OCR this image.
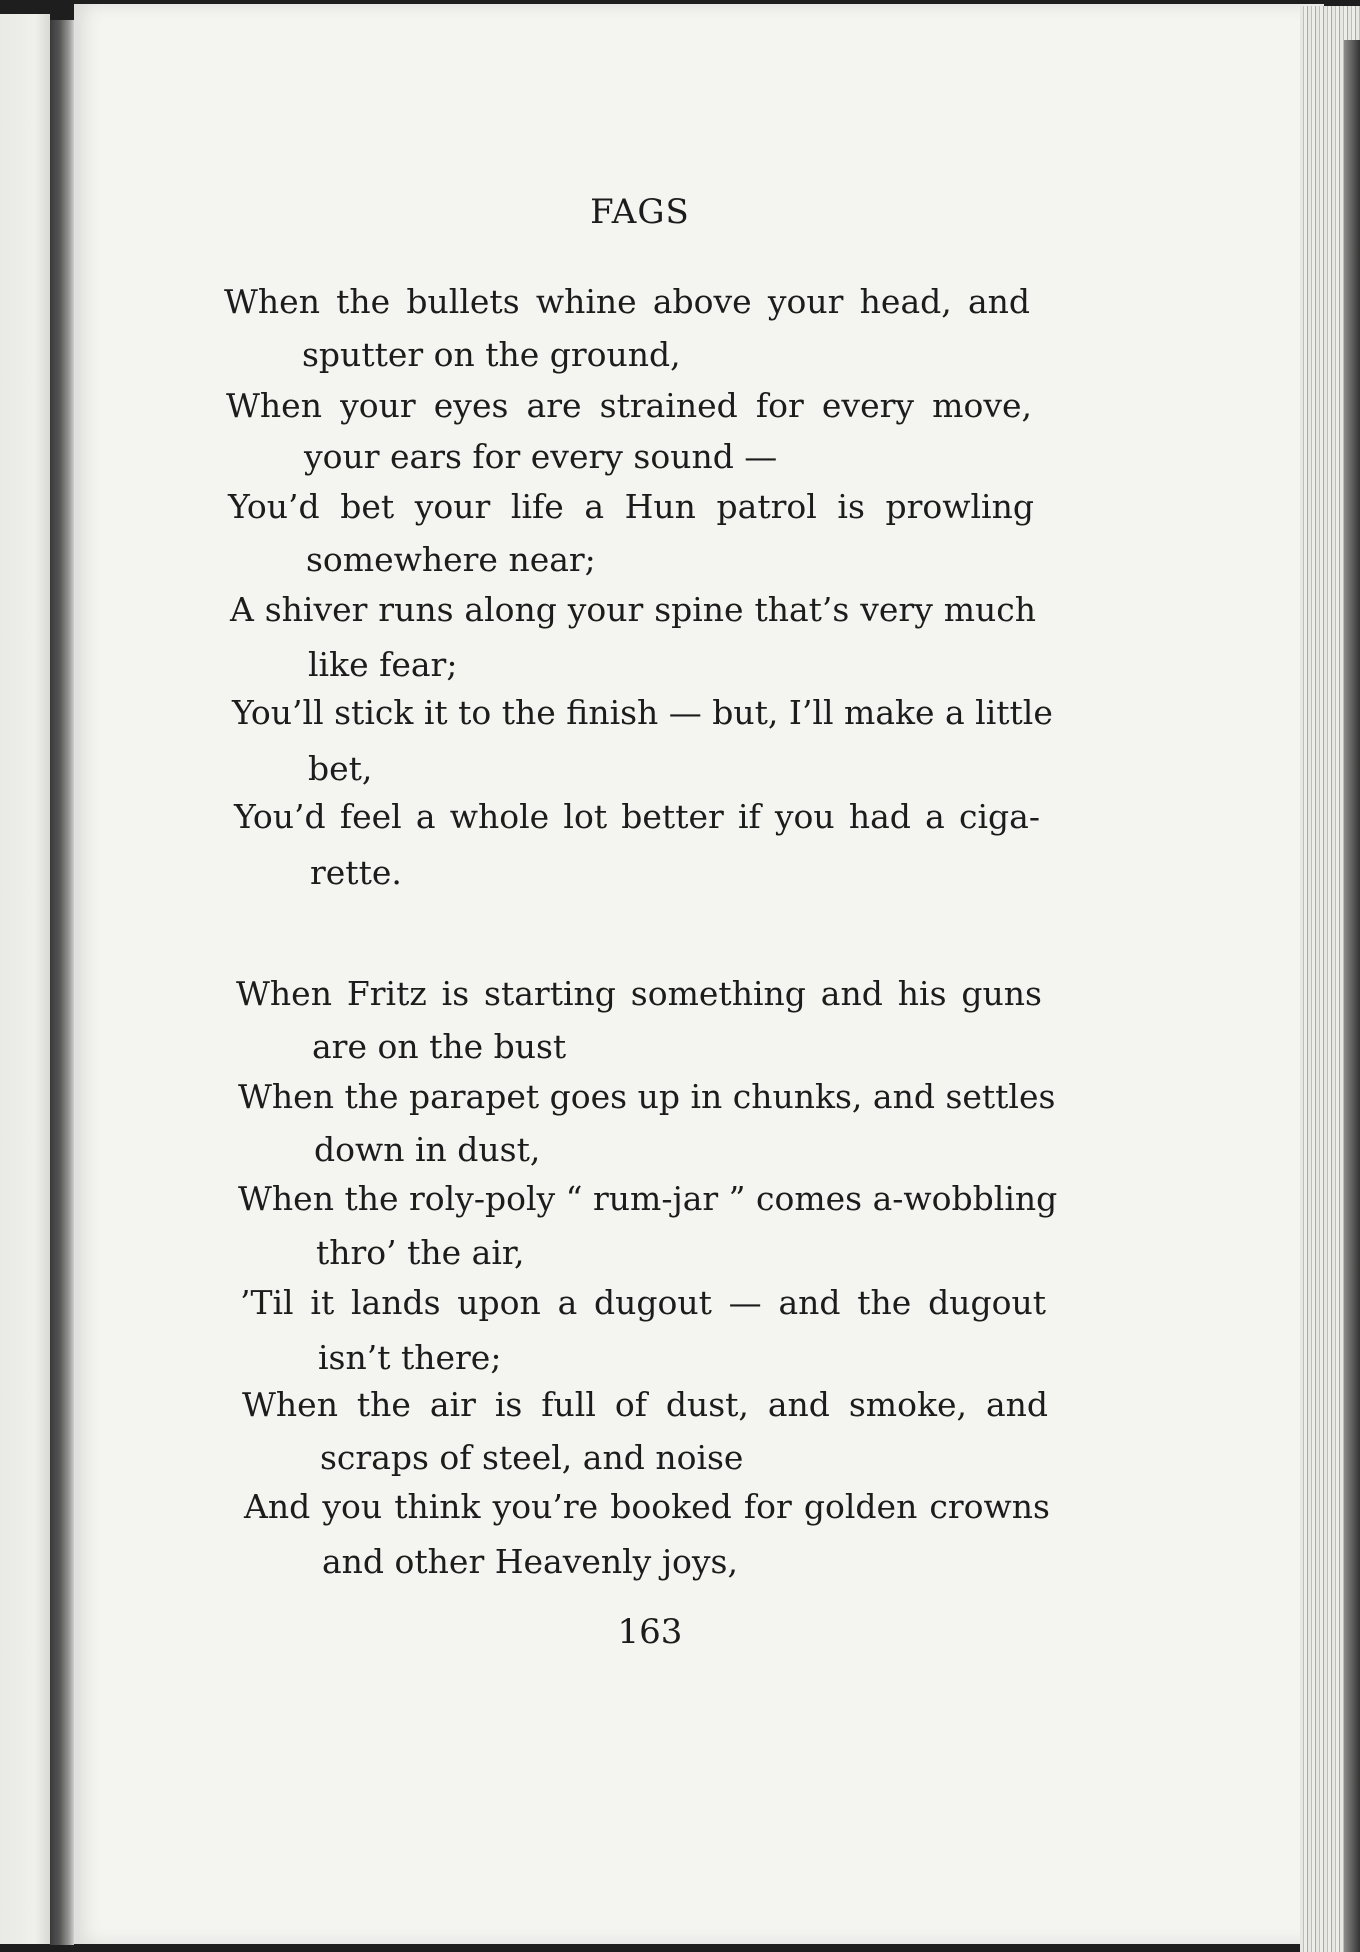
FAGS
When the bullets whine above your head, and
sputter on the ground,
When your eyes are strained for every move,
your ears for every sound —
You’d bet your life a Hun patrol is prowling
somewhere near;
A shiver runs along your spine that’s very much
like fear;
You’ll stick it to the finish — but, I’ll make a little
bet,
You’d feel a whole lot better if you had a ciga-
rette.
When Fritz is starting something and his guns
are on the bust
When the parapet goes up in chunks, and settles
down in dust,
When the roly-poly “ rum-jar ” comes a-wobbling
thro’ the air,
’Til it lands upon a dugout — and the dugout
isn’t there;
When the air is full of dust, and smoke, and
scraps of steel, and noise
And you think you’re booked for golden crowns
and other Heavenly joys,
163
